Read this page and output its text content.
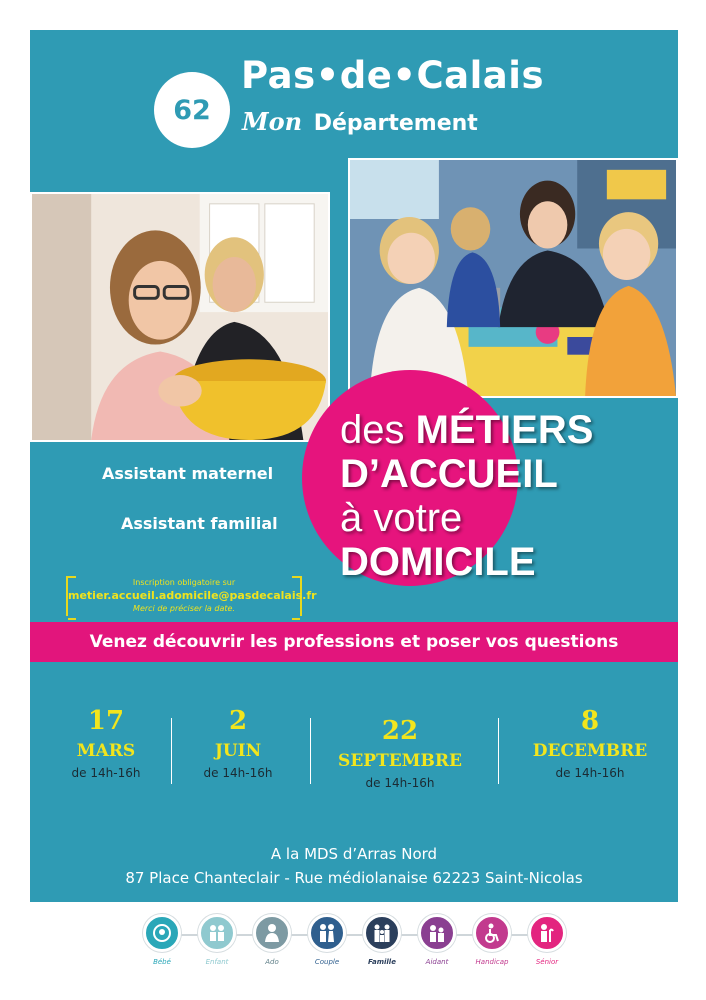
62
Pas•de•Calais
Mon Département
des MÉTIERS
D’ACCUEIL
à votre
DOMICILE
Assistant maternel
Assistant familial
Inscription obligatoire sur
metier.accueil.adomicile@pasdecalais.fr
Merci de préciser la date.
Venez découvrir les professions et poser vos questions
17
MARS
de 14h-16h
2
JUIN
de 14h-16h
22
SEPTEMBRE
de 14h-16h
8
DECEMBRE
de 14h-16h
A la MDS d’Arras Nord
87 Place Chanteclair - Rue médiolanaise 62223 Saint-Nicolas
Bébé	Enfant	Ado	Couple	Famille	Aidant	Handicap	Sénior
